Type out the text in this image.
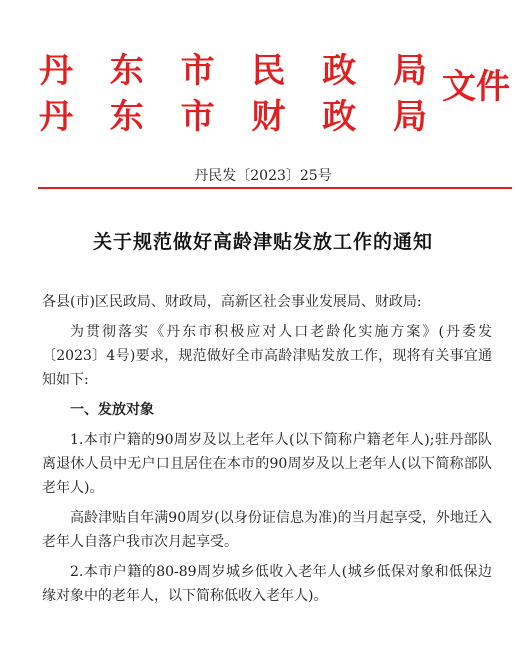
丹 东 市 民 政 局
丹 东 市 财 政 局
文件
丹民发〔2023〕25号
关于规范做好高龄津贴发放工作的通知

各县(市)区民政局、财政局，高新区社会事业发展局、财政局:

为贯彻落实《丹东市积极应对人口老龄化实施方案》(丹委发〔2023〕4号)要求，规范做好全市高龄津贴发放工作，现将有关事宜通知如下:

一、发放对象

1.本市户籍的90周岁及以上老年人(以下简称户籍老年人);驻丹部队离退休人员中无户口且居住在本市的90周岁及以上老年人(以下简称部队老年人)。

高龄津贴自年满90周岁(以身份证信息为准)的当月起享受，外地迁入老年人自落户我市次月起享受。

2.本市户籍的80-89周岁城乡低收入老年人(城乡低保对象和低保边缘对象中的老年人，以下简称低收入老年人)。
